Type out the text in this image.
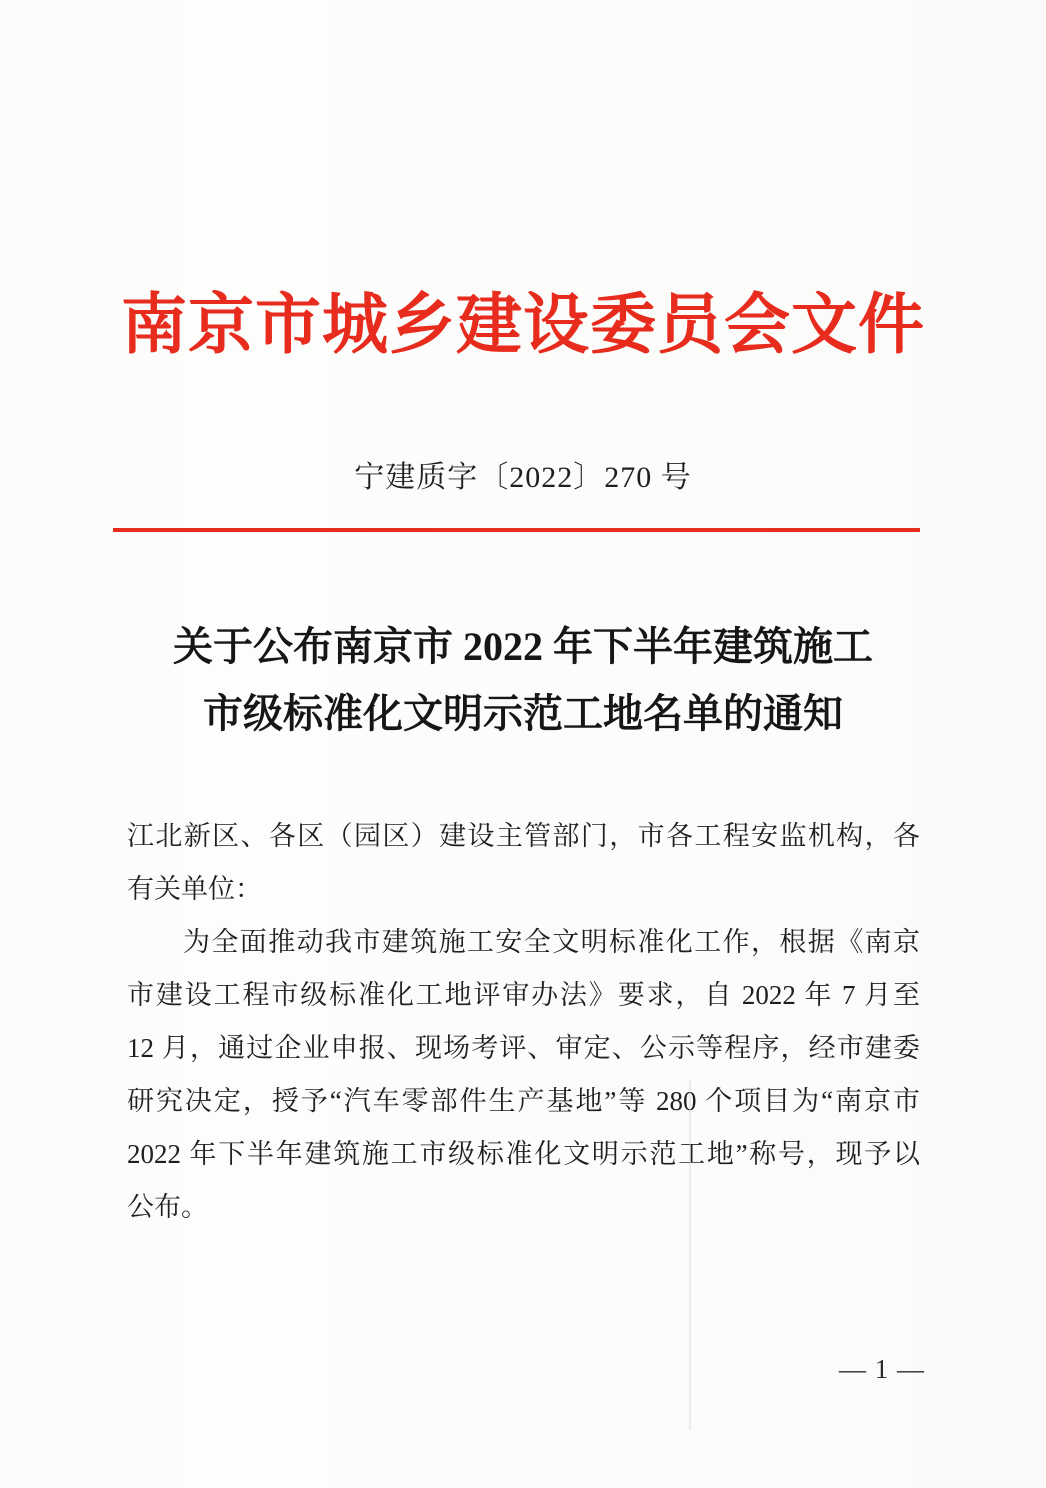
南京市城乡建设委员会文件
宁建质字〔2022〕270 号
关于公布南京市 2022 年下半年建筑施工
市级标准化文明示范工地名单的通知
江北新区、各区（园区）建设主管部门，市各工程安监机构，各
有关单位：
为全面推动我市建筑施工安全文明标准化工作，根据《南京
市建设工程市级标准化工地评审办法》要求，自 2022 年 7 月至
12 月，通过企业申报、现场考评、审定、公示等程序，经市建委
研究决定，授予“汽车零部件生产基地”等 280 个项目为“南京市
2022 年下半年建筑施工市级标准化文明示范工地”称号，现予以
公布。
— 1 —
